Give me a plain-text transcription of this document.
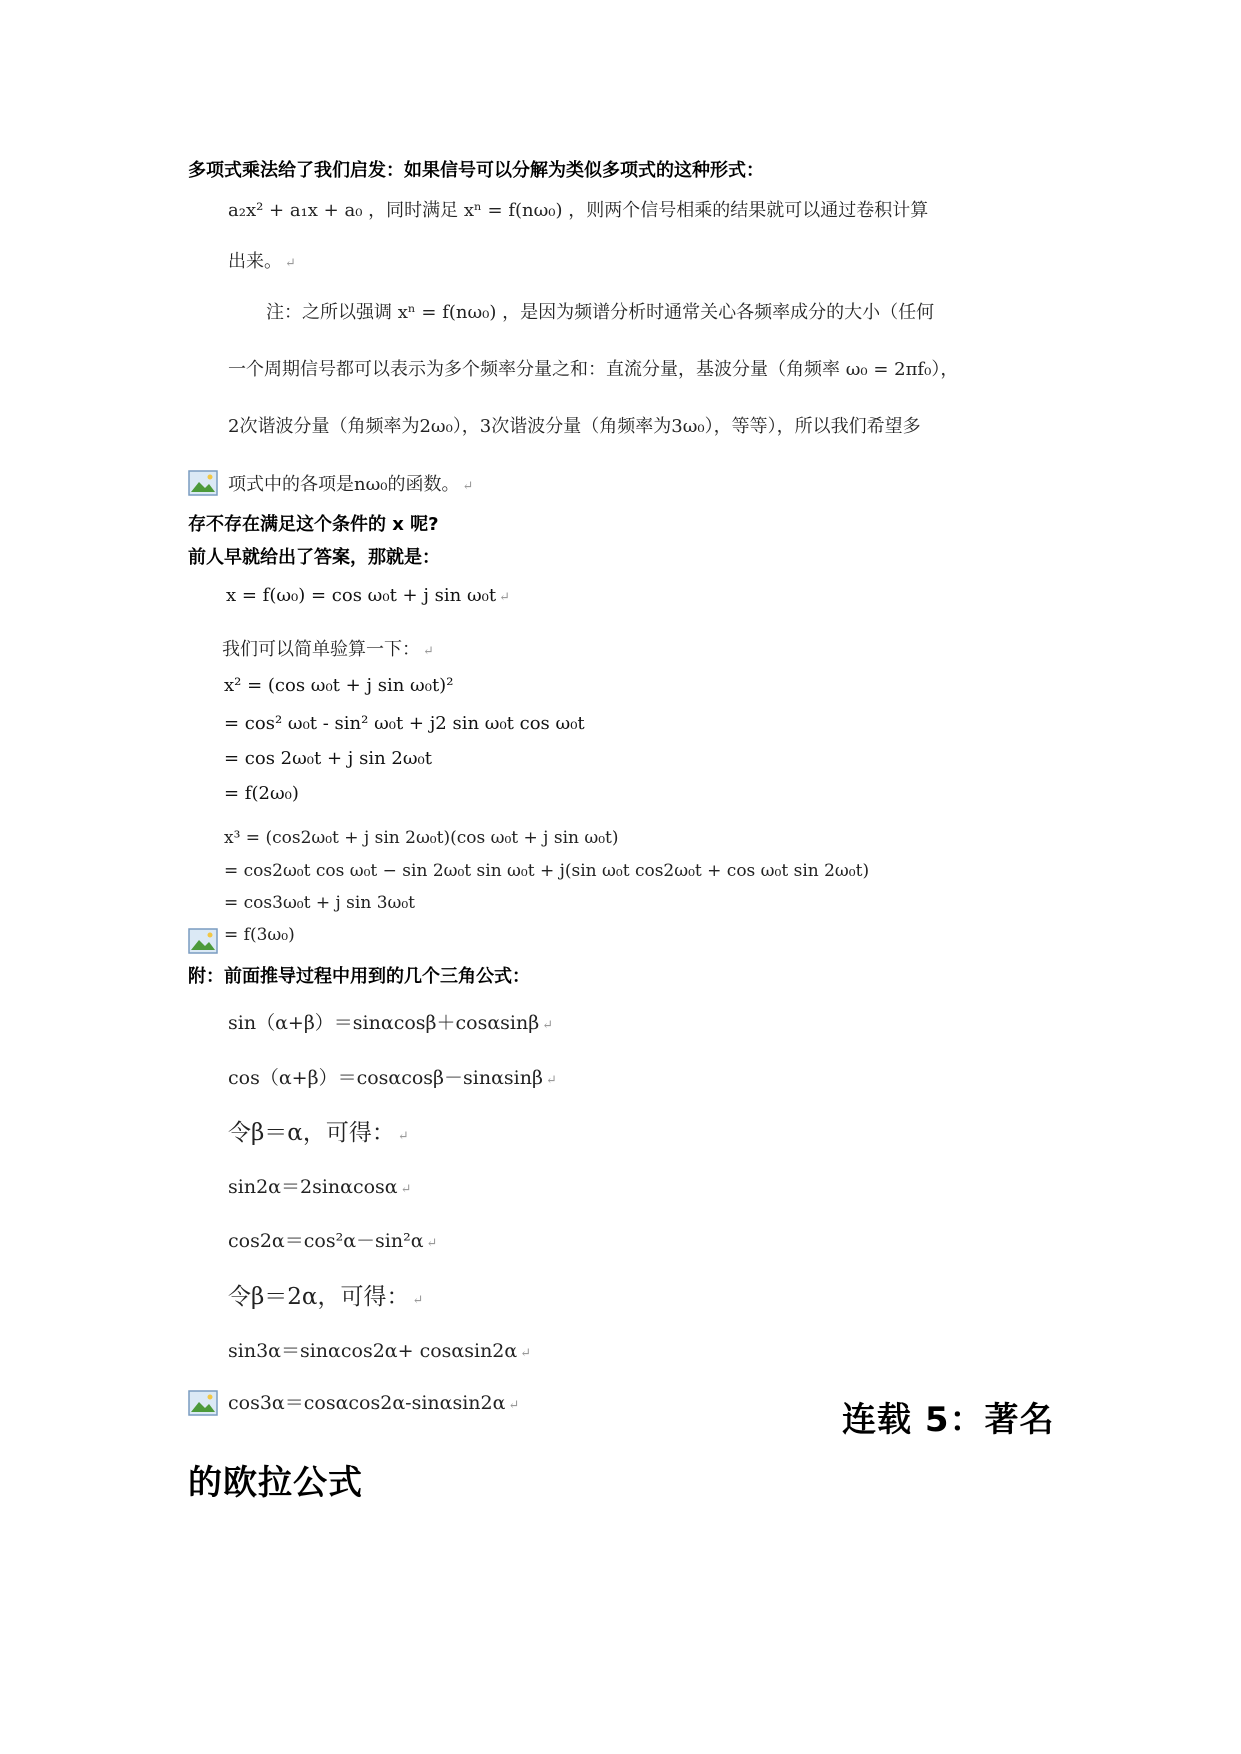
多项式乘法给了我们启发：如果信号可以分解为类似多项式的这种形式：
a₂x² + a₁x + a₀ ，同时满足 xⁿ = f(nω₀) ，则两个信号相乘的结果就可以通过卷积计算
出来。 ↵
注：之所以强调 xⁿ = f(nω₀) ，是因为频谱分析时通常关心各频率成分的大小（任何
一个周期信号都可以表示为多个频率分量之和：直流分量，基波分量（角频率 ω₀ = 2πf₀），
2次谐波分量（角频率为2ω₀），3次谐波分量（角频率为3ω₀），等等），所以我们希望多
项式中的各项是nω₀的函数。 ↵
存不存在满足这个条件的 x 呢?
前人早就给出了答案，那就是：
x = f(ω₀) = cos ω₀t + j sin ω₀t ↵
我们可以简单验算一下： ↵
x² = (cos ω₀t + j sin ω₀t)²
= cos² ω₀t - sin² ω₀t + j2 sin ω₀t cos ω₀t
= cos 2ω₀t + j sin 2ω₀t
= f(2ω₀)
x³ = (cos2ω₀t + j sin 2ω₀t)(cos ω₀t + j sin ω₀t)
= cos2ω₀t cos ω₀t − sin 2ω₀t sin ω₀t + j(sin ω₀t cos2ω₀t + cos ω₀t sin 2ω₀t)
= cos3ω₀t + j sin 3ω₀t
= f(3ω₀)
附：前面推导过程中用到的几个三角公式：
sin（α+β）＝sinαcosβ＋cosαsinβ ↵
cos（α+β）＝cosαcosβ－sinαsinβ ↵
令β＝α，可得： ↵
sin2α＝2sinαcosα ↵
cos2α＝cos²α－sin²α ↵
令β＝2α，可得： ↵
sin3α＝sinαcos2α+ cosαsin2α ↵
cos3α＝cosαcos2α-sinαsin2α ↵	连载 5：著名
的欧拉公式
